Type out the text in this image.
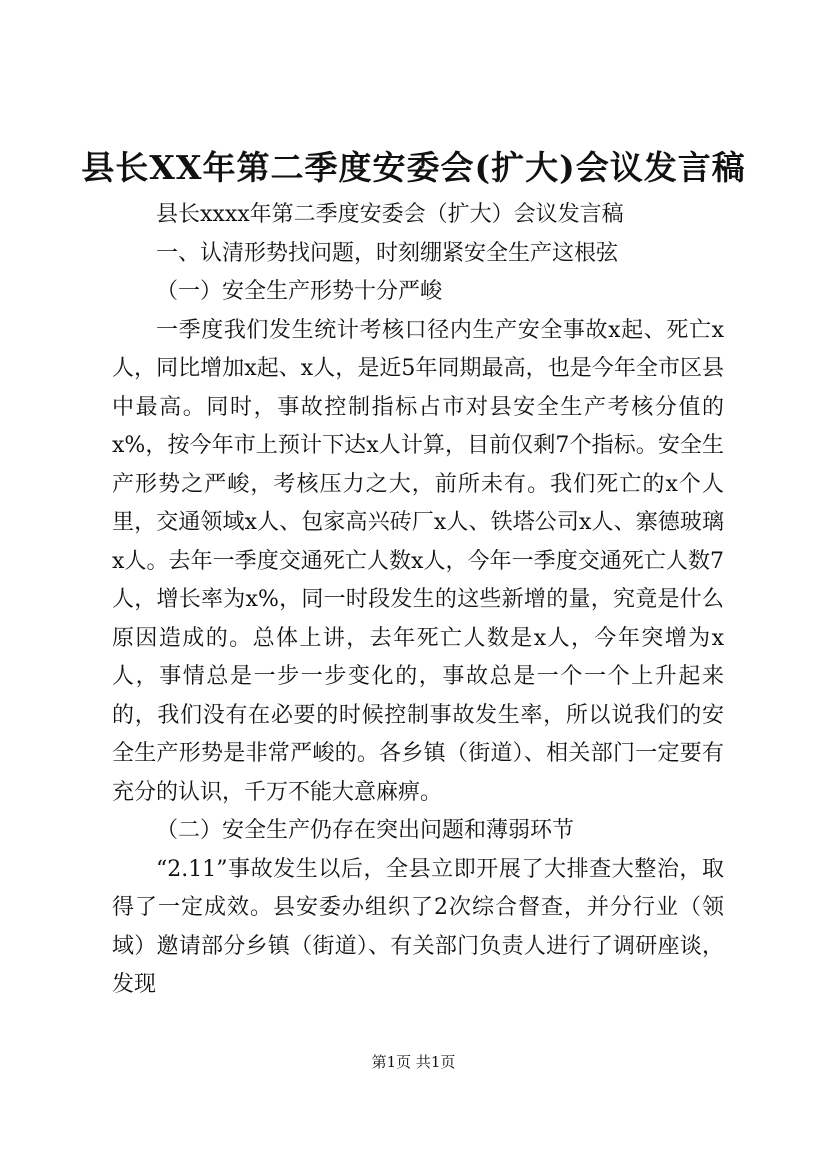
县长XX年第二季度安委会(扩大)会议发言稿

县长xxxx年第二季度安委会（扩大）会议发言稿

一、认清形势找问题，时刻绷紧安全生产这根弦

（一）安全生产形势十分严峻

一季度我们发生统计考核口径内生产安全事故x起、死亡x人，同比增加x起、x人，是近5年同期最高，也是今年全市区县中最高。同时，事故控制指标占市对县安全生产考核分值的x%，按今年市上预计下达x人计算，目前仅剩7个指标。安全生产形势之严峻，考核压力之大，前所未有。我们死亡的x个人里，交通领域x人、包家高兴砖厂x人、铁塔公司x人、寨德玻璃x人。去年一季度交通死亡人数x人，今年一季度交通死亡人数7人，增长率为x%，同一时段发生的这些新增的量，究竟是什么原因造成的。总体上讲，去年死亡人数是x人，今年突增为x人，事情总是一步一步变化的，事故总是一个一个上升起来的，我们没有在必要的时候控制事故发生率，所以说我们的安全生产形势是非常严峻的。各乡镇（街道）、相关部门一定要有充分的认识，千万不能大意麻痹。

（二）安全生产仍存在突出问题和薄弱环节

“2.11”事故发生以后，全县立即开展了大排查大整治，取得了一定成效。县安委办组织了2次综合督查，并分行业（领域）邀请部分乡镇（街道）、有关部门负责人进行了调研座谈，发现

第1页 共1页
